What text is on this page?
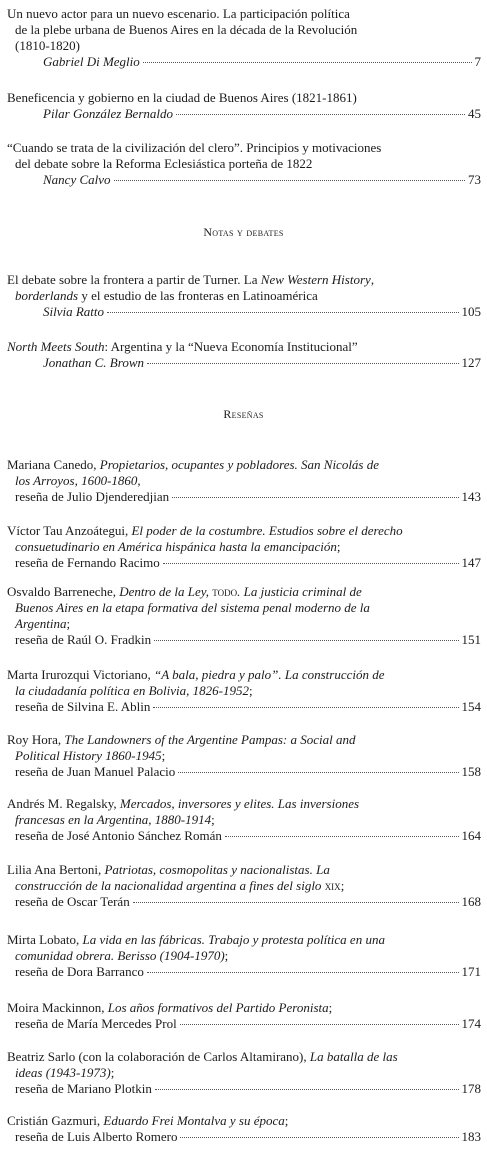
Un nuevo actor para un nuevo escenario. La participación política
de la plebe urbana de Buenos Aires en la década de la Revolución
(1810-1820)
Gabriel Di Meglio	7
Beneficencia y gobierno en la ciudad de Buenos Aires (1821-1861)
Pilar González Bernaldo	45
“Cuando se trata de la civilización del clero”. Principios y motivaciones
del debate sobre la Reforma Eclesiástica porteña de 1822
Nancy Calvo	73
Notas y debates
El debate sobre la frontera a partir de Turner. La New Western History,
borderlands y el estudio de las fronteras en Latinoamérica
Silvia Ratto	105
North Meets South: Argentina y la “Nueva Economía Institucional”
Jonathan C. Brown	127
Reseñas
Mariana Canedo, Propietarios, ocupantes y pobladores. San Nicolás de
los Arroyos, 1600-1860,
reseña de Julio Djenderedjian	143
Víctor Tau Anzoátegui, El poder de la costumbre. Estudios sobre el derecho
consuetudinario en América hispánica hasta la emancipación;
reseña de Fernando Racimo	147
Osvaldo Barreneche, Dentro de la Ley, todo. La justicia criminal de
Buenos Aires en la etapa formativa del sistema penal moderno de la
Argentina;
reseña de Raúl O. Fradkin	151
Marta Irurozqui Victoriano, “A bala, piedra y palo”. La construcción de
la ciudadanía política en Bolivia, 1826-1952;
reseña de Silvina E. Ablin	154
Roy Hora, The Landowners of the Argentine Pampas: a Social and
Political History 1860-1945;
reseña de Juan Manuel Palacio	158
Andrés M. Regalsky, Mercados, inversores y elites. Las inversiones
francesas en la Argentina, 1880-1914;
reseña de José Antonio Sánchez Román	164
Lilia Ana Bertoni, Patriotas, cosmopolitas y nacionalistas. La
construcción de la nacionalidad argentina a fines del siglo xix;
reseña de Oscar Terán	168
Mirta Lobato, La vida en las fábricas. Trabajo y protesta política en una
comunidad obrera. Berisso (1904-1970);
reseña de Dora Barranco	171
Moira Mackinnon, Los años formativos del Partido Peronista;
reseña de María Mercedes Prol	174
Beatriz Sarlo (con la colaboración de Carlos Altamirano), La batalla de las
ideas (1943-1973);
reseña de Mariano Plotkin	178
Cristián Gazmuri, Eduardo Frei Montalva y su época;
reseña de Luis Alberto Romero	183
